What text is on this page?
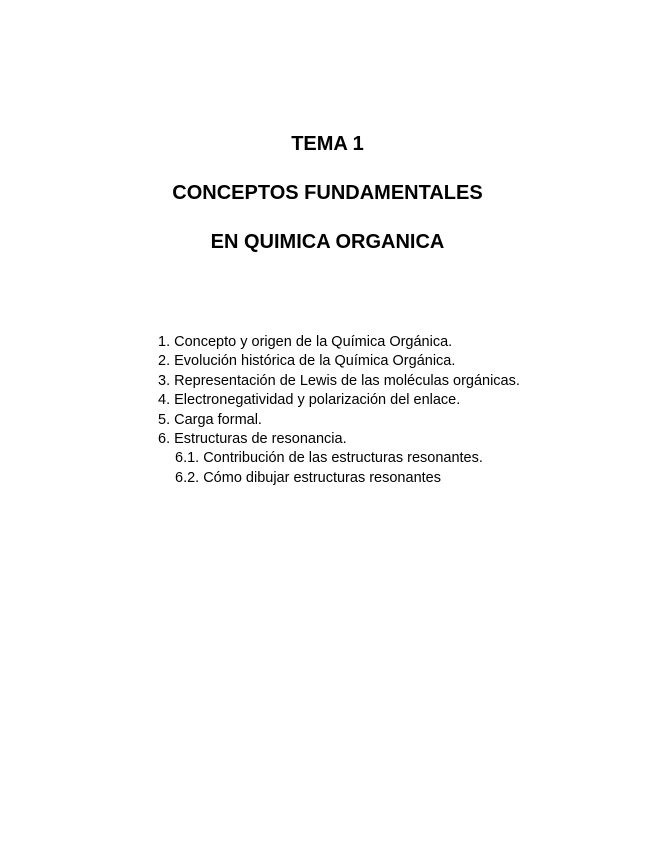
TEMA 1
CONCEPTOS FUNDAMENTALES
EN QUIMICA ORGANICA
1. Concepto y origen de la Química Orgánica.
2. Evolución histórica de la Química Orgánica.
3. Representación de Lewis de las moléculas orgánicas.
4. Electronegatividad y polarización del enlace.
5. Carga formal.
6. Estructuras de resonancia.
6.1. Contribución de las estructuras resonantes.
6.2. Cómo dibujar estructuras resonantes
